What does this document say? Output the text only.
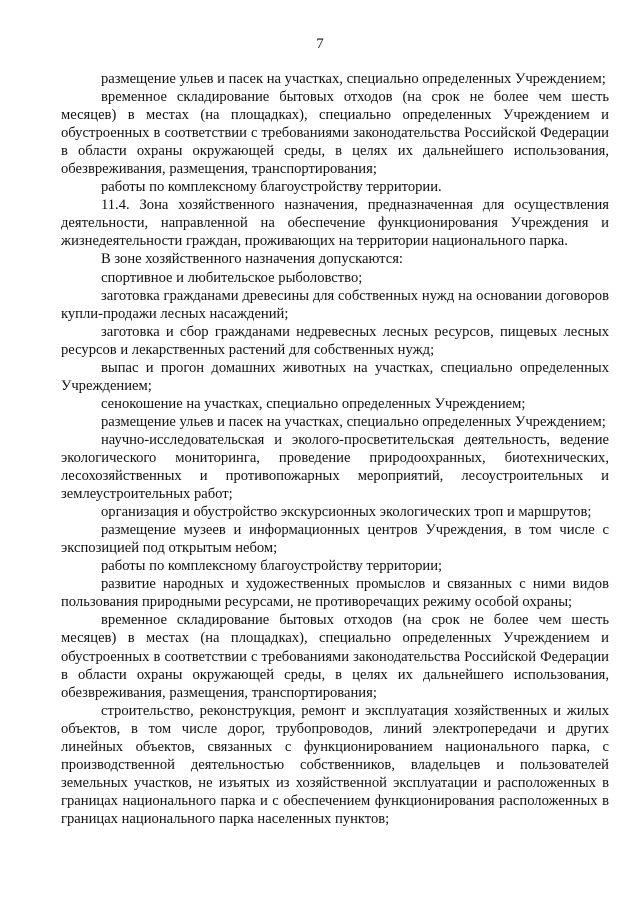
7

размещение ульев и пасек на участках, специально определенных Учреждением;

временное складирование бытовых отходов (на срок не более чем шесть месяцев) в местах (на площадках), специально определенных Учреждением и обустроенных в соответствии с требованиями законодательства Российской Федерации в области охраны окружающей среды, в целях их дальнейшего использования, обезвреживания, размещения, транспортирования;

работы по комплексному благоустройству территории.

11.4. Зона хозяйственного назначения, предназначенная для осуществления деятельности, направленной на обеспечение функционирования Учреждения и жизнедеятельности граждан, проживающих на территории национального парка.

В зоне хозяйственного назначения допускаются:

спортивное и любительское рыболовство;

заготовка гражданами древесины для собственных нужд на основании договоров купли-продажи лесных насаждений;

заготовка и сбор гражданами недревесных лесных ресурсов, пищевых лесных ресурсов и лекарственных растений для собственных нужд;

выпас и прогон домашних животных на участках, специально определенных Учреждением;

сенокошение на участках, специально определенных Учреждением;

размещение ульев и пасек на участках, специально определенных Учреждением;

научно-исследовательская и эколого-просветительская деятельность, ведение экологического мониторинга, проведение природоохранных, биотехнических, лесохозяйственных и противопожарных мероприятий, лесоустроительных и землеустроительных работ;

организация и обустройство экскурсионных экологических троп и маршрутов;

размещение музеев и информационных центров Учреждения, в том числе с экспозицией под открытым небом;

работы по комплексному благоустройству территории;

развитие народных и художественных промыслов и связанных с ними видов пользования природными ресурсами, не противоречащих режиму особой охраны;

временное складирование бытовых отходов (на срок не более чем шесть месяцев) в местах (на площадках), специально определенных Учреждением и обустроенных в соответствии с требованиями законодательства Российской Федерации в области охраны окружающей среды, в целях их дальнейшего использования, обезвреживания, размещения, транспортирования;

строительство, реконструкция, ремонт и эксплуатация хозяйственных и жилых объектов, в том числе дорог, трубопроводов, линий электропередачи и других линейных объектов, связанных с функционированием национального парка, с производственной деятельностью собственников, владельцев и пользователей земельных участков, не изъятых из хозяйственной эксплуатации и расположенных в границах национального парка и с обеспечением функционирования расположенных в границах национального парка населенных пунктов;
